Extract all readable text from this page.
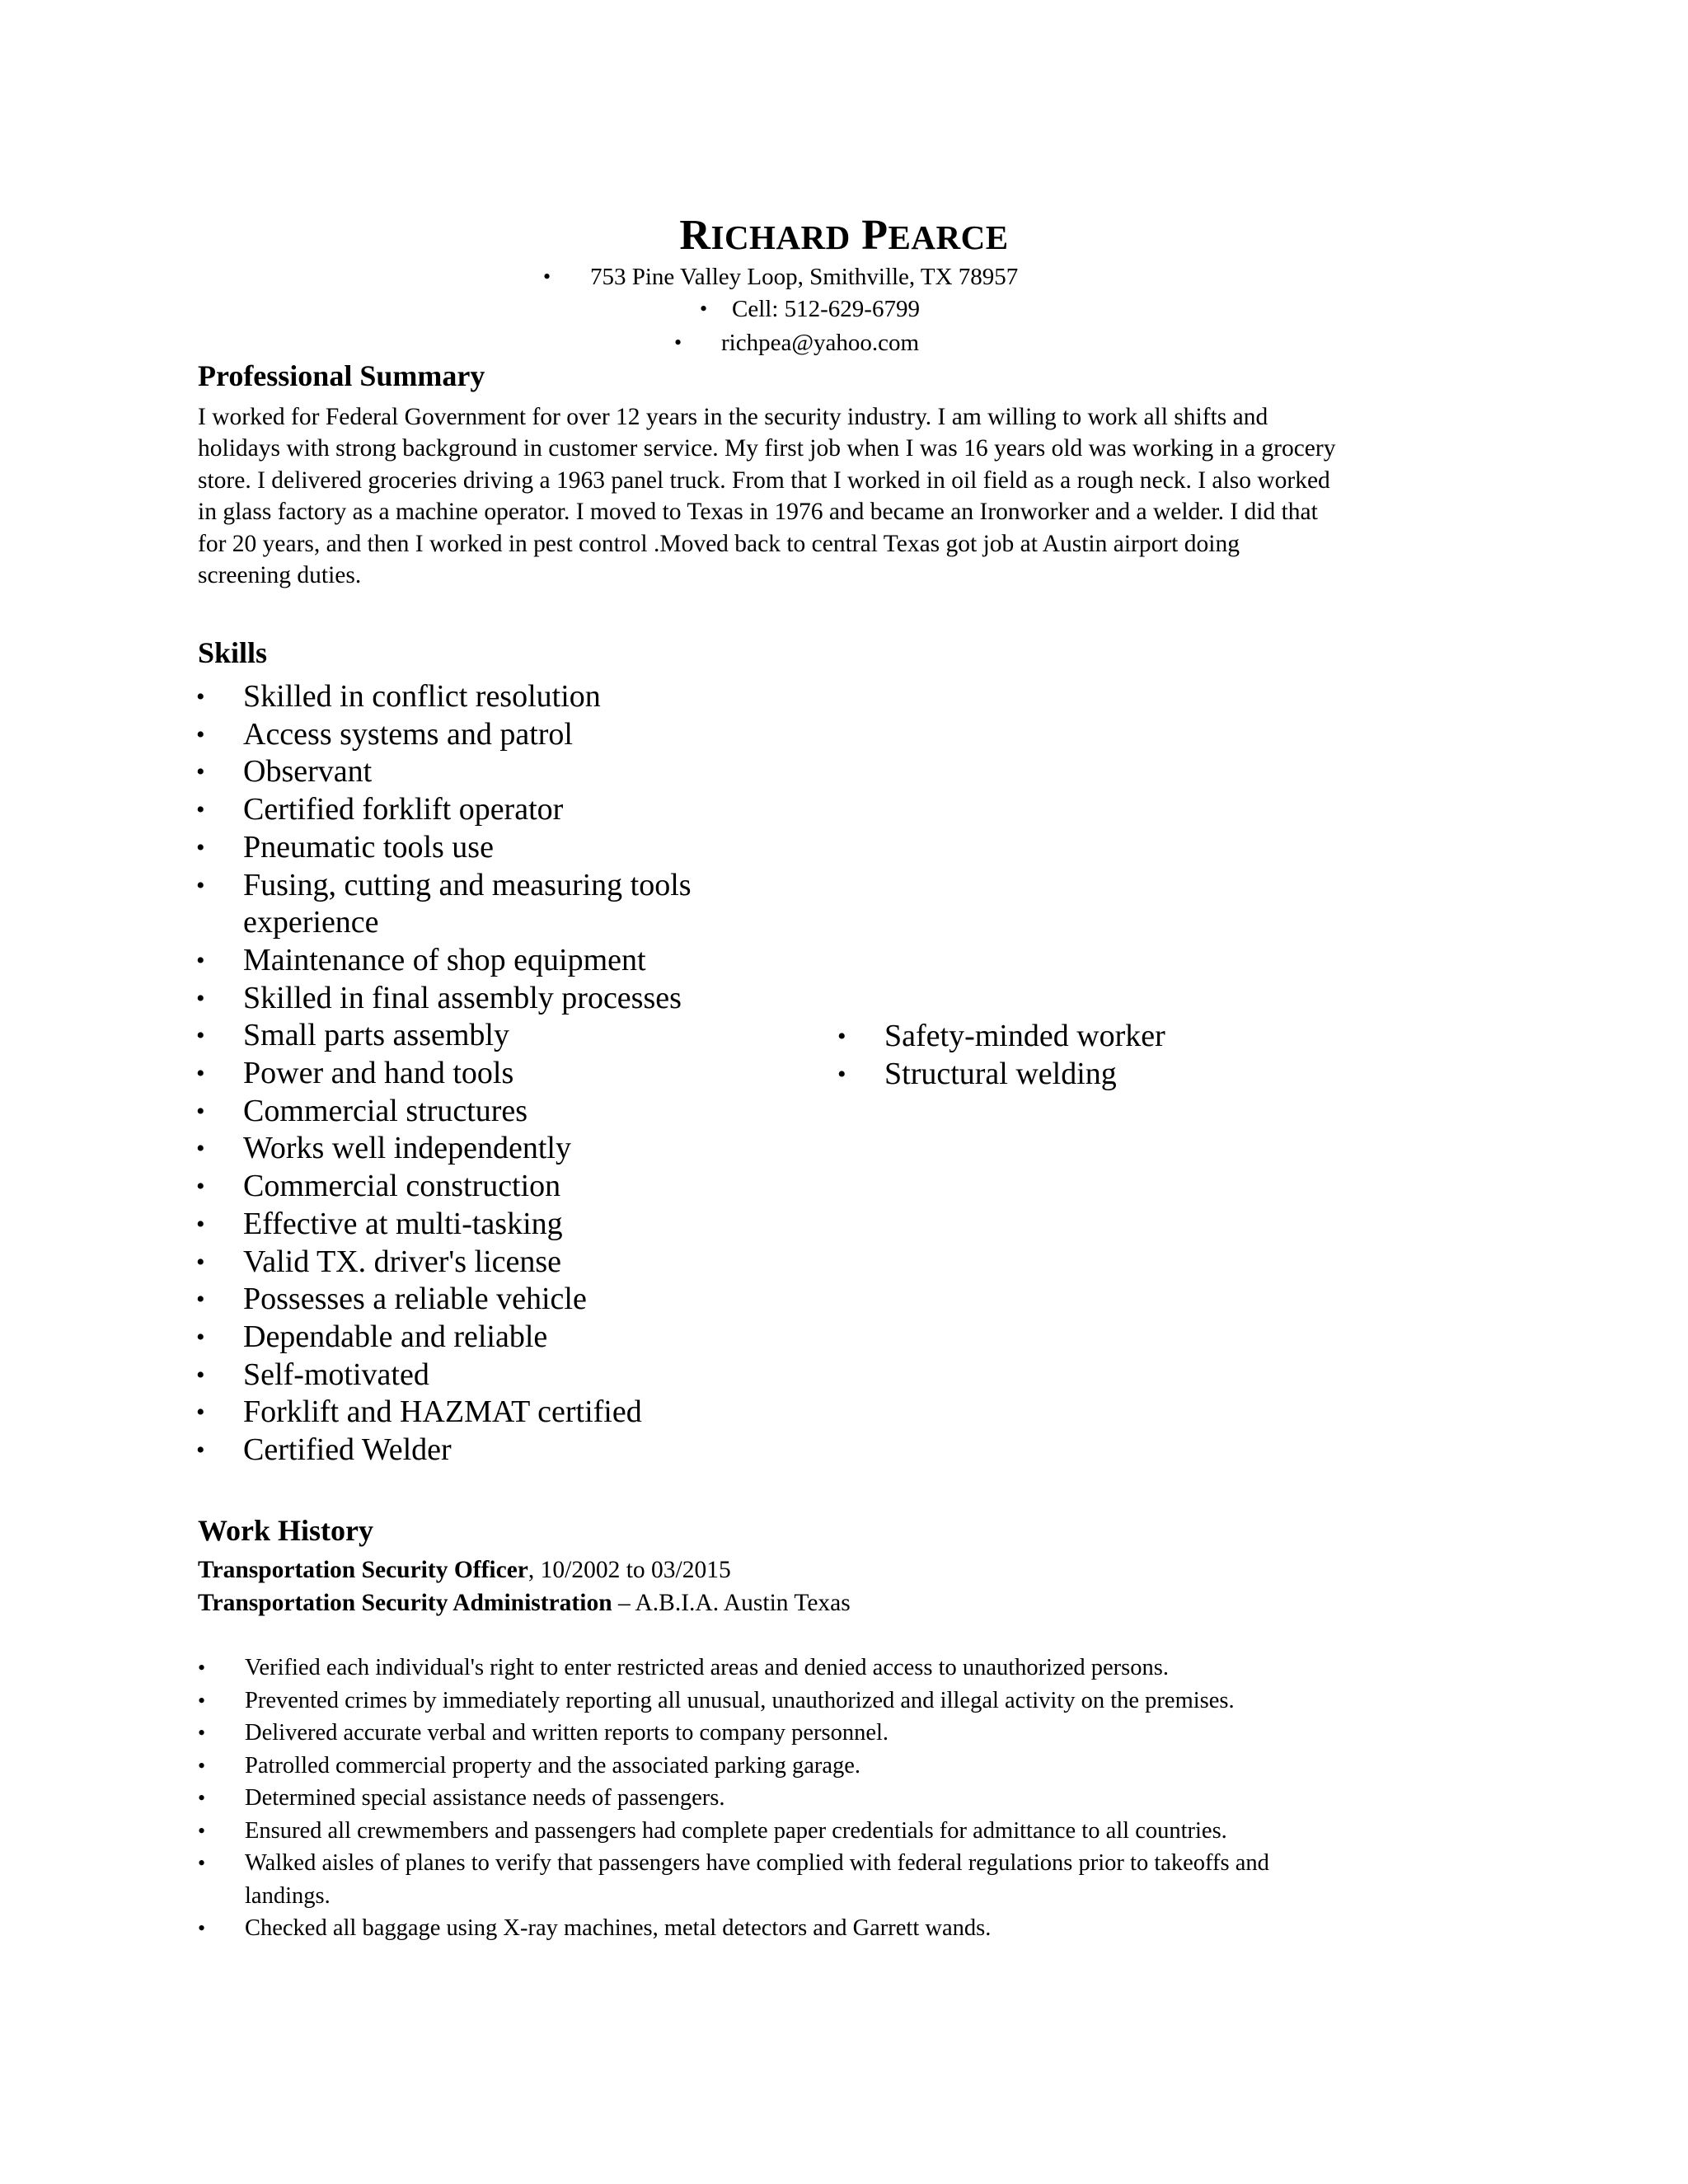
RICHARD PEARCE
• 753 Pine Valley Loop, Smithville, TX 78957
• Cell: 512-629-6799
• richpea@yahoo.com
Professional Summary

I worked for Federal Government for over 12 years in the security industry. I am willing to work all shifts and
holidays with strong background in customer service. My first job when I was 16 years old was working in a grocery
store. I delivered groceries driving a 1963 panel truck. From that I worked in oil field as a rough neck. I also worked
in glass factory as a machine operator. I moved to Texas in 1976 and became an Ironworker and a welder. I did that
for 20 years, and then I worked in pest control .Moved back to central Texas got job at Austin airport doing
screening duties.

Skills
• Skilled in conflict resolution
• Access systems and patrol
• Observant
• Certified forklift operator
• Pneumatic tools use
• Fusing, cutting and measuring tools
experience
• Maintenance of shop equipment
• Skilled in final assembly processes
• Small parts assembly
• Power and hand tools
• Commercial structures
• Works well independently
• Commercial construction
• Effective at multi-tasking
• Valid TX. driver's license
• Possesses a reliable vehicle
• Dependable and reliable
• Self-motivated
• Forklift and HAZMAT certified
• Certified Welder
• Safety-minded worker
• Structural welding
Work History
Transportation Security Officer, 10/2002 to 03/2015
Transportation Security Administration – A.B.I.A. Austin Texas
• Verified each individual's right to enter restricted areas and denied access to unauthorized persons.
• Prevented crimes by immediately reporting all unusual, unauthorized and illegal activity on the premises.
• Delivered accurate verbal and written reports to company personnel.
• Patrolled commercial property and the associated parking garage.
• Determined special assistance needs of passengers.
• Ensured all crewmembers and passengers had complete paper credentials for admittance to all countries.
• Walked aisles of planes to verify that passengers have complied with federal regulations prior to takeoffs and
landings.
• Checked all baggage using X-ray machines, metal detectors and Garrett wands.
